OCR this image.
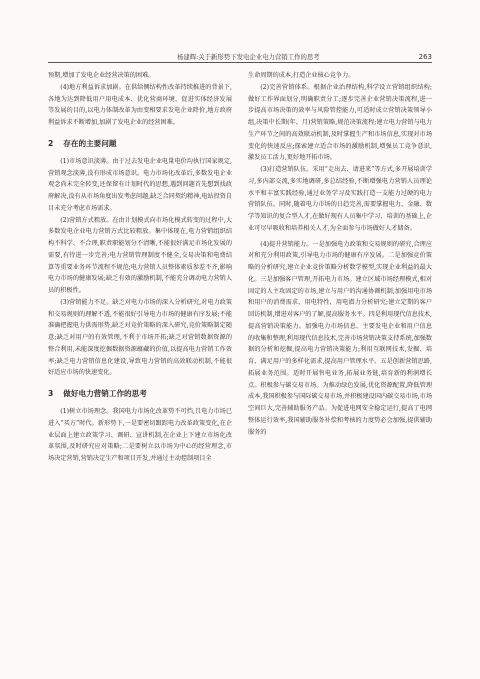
杨建辉:关于新形势下发电企业电力营销工作的思考	263

预期,增加了发电企业经营决策的困难。

(4)地方利益诉求加剧。在供给侧结构性改革持续推进的背景下,各地为达到降低用户用电成本、优化营商环境、促进实体经济发展等发展的目的,以电力体制改革为由变相要求发电企业降价,地方政府利益诉求不断增加,加剧了发电企业的经营困难。

2 存在的主要问题

(1)市场意识淡薄。由于过去发电企业电量电价均执行国家规定,营销观念淡薄,没有形成市场意识。电力市场化改革后,多数发电企业观念尚未完全转变,还保留有计划时代的思想,遇到问题首先想到找政府解决,没有从市场角度出发考虑问题,缺乏合同契约精神,电站投资自目未充分考虑市场需求。

(2)营销方式粗放。在由计划模式向市场化模式转变的过程中,大多数发电企业电力营销方式比较粗放。集中体现在,电力营销组织结构不科学、不合理,职责职能划分不清晰,不能很好满足市场化发展的需要,有待进一步完善;电力营销管理制度不健全,交易决策和电费结算等重要业务环节流程不规范;电力营销人员整体素质参差不齐,影响电力市场的健康发展;缺乏有效的激励机制,不能充分调动电力营销人员的积极性。

(3)营销能力不足。缺乏对电力市场的深入分析研究,对电力政策和交易规则的理解不透,不能很好引导电力市场的健康有序发展;不能准确把握电力供需形势,缺乏对竞价策略的深入研究,竞价策略制定随意;缺乏对用户的有效管理,不利于市场开拓;缺乏对营销数据资源的整合利用,未能深度挖掘数据资源蕴藏的价值,以提高电力营销工作效率;缺乏电力营销信息化建设,导致电力营销的高效联动机制,不能很好适应市场的快速变化。

3 做好电力营销工作的思考

(1)树立市场理念。我国电力市场化改革势不可挡,且电力市场已进入“买方”时代。新形势下,一是要密切跟踪电力改革政策变化,在企业层面上建立政策学习、调研、宣讲机制,在企业上下建立市场化改革氛围,及时研究应对策略;二是要树立以市场为中心的经营理念,市场决定营销,营销决定生产和项目开发,并通过主动控制项目全

生命周期的成本,打造企业核心竞争力。

(2)完善营销体系。根据企业治理结构,科学设立营销组织结构;做好工作界面划分,明确职责分工;逐步完善企业营销决策流程,进一步提高市场决策的效率与风险管控能力,可适时成立营销决策领导小组,决策中长期(年、月)营销策略,规范决策流程;建立电力营销与电力生产环节之间的高效联动机制,及时掌握生产和市场信息,实现对市场变化的快速反应;探索建立适合市场的激励机制,增强员工竞争意识,激发员工活力,更好地开拓市场。

(3)打造营销队伍。采用“走出去、请进来”等方式,多开展培训学习,多内部交流,多实地调研,多总结经验,不断增强电力营销人员理论水平和丰富实践经验,通过业务学习及实践打造一支能力过硬的电力营销队伍。同时,随着电力市场的日趋完善,需要掌握电力、金融、数学等知识的复合型人才,在做好现有人员集中学习、培训的基础上,企业可尽早吸收和培养相关人才,为全面参与市场做好人才储备。

(4)提升营销能力。一是加强电力政策和交易规则的研究,合理应对和充分利用政策,引导电力市场的健康有序发展。二是加强竞价策略的分析研究,建立企业竞价策略分析数学模型,实现企业利益的最大化。三是加强客户管理,开拓电力市场。建立区域市场经理模式,相对固定的人主攻固定的市场,建立与用户的沟通协调机制,加强用电市场和用户的消费需求、用电特性、用电潜力分析研究;建立定期的客户回访机制,增进对客户的了解,提高服务水平。四是利用现代信息技术,提高营销决策能力。加强电力市场信息、主要发电企业和用户信息的收集和整理,利用现代信息技术,完善市场营销决策支持系统,加强数据的分析和挖掘,提高电力营销决策能力;利用互联网技术,发掘、培育、满足用户的多样化需求,提高用户管理水平。五是创新营销思路,拓展业务范围。适时开展售电业务,拓展业务链,培育新的利润增长点。积极参与碳交易市场。为推动绿色发展,优化资源配置,降低管理成本,我国积极参与国际碳交易市场,并积极建设国内碳交易市场,市场空间巨大,完善辅助服务产品。为促进电网安全稳定运行,提高了电网整体运行效率,我国辅助服务补偿和考核的力度势必会加强,提供辅助服务的
